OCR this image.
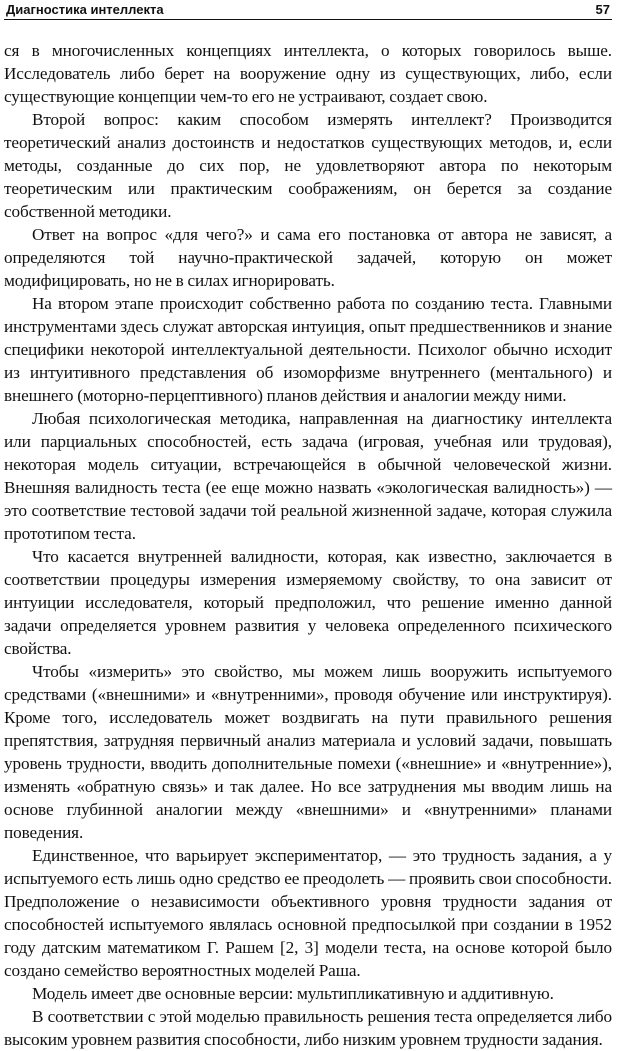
Диагностика интеллекта	57

ся в многочисленных концепциях интеллекта, о которых говорилось выше. Исследователь либо берет на вооружение одну из существующих, либо, если существующие концепции чем-то его не устраивают, создает свою.

Второй вопрос: каким способом измерять интеллект? Производится теоретический анализ достоинств и недостатков существующих методов, и, если методы, созданные до сих пор, не удовлетворяют автора по некоторым теоретическим или практическим соображениям, он берется за создание собственной методики.

Ответ на вопрос «для чего?» и сама его постановка от автора не зависят, а определяются той научно-практической задачей, которую он может модифицировать, но не в силах игнорировать.

На втором этапе происходит собственно работа по созданию теста. Главными инструментами здесь служат авторская интуиция, опыт предшественников и знание специфики некоторой интеллектуальной деятельности. Психолог обычно исходит из интуитивного представления об изоморфизме внутреннего (ментального) и внешнего (моторно-перцептивного) планов действия и аналогии между ними.

Любая психологическая методика, направленная на диагностику интеллекта или парциальных способностей, есть задача (игровая, учебная или трудовая), некоторая модель ситуации, встречающейся в обычной человеческой жизни. Внешняя валидность теста (ее еще можно назвать «экологическая валидность») — это соответствие тестовой задачи той реальной жизненной задаче, которая служила прототипом теста.

Что касается внутренней валидности, которая, как известно, заключается в соответствии процедуры измерения измеряемому свойству, то она зависит от интуиции исследователя, который предположил, что решение именно данной задачи определяется уровнем развития у человека определенного психического свойства.

Чтобы «измерить» это свойство, мы можем лишь вооружить испытуемого средствами («внешними» и «внутренними», проводя обучение или инструктируя). Кроме того, исследователь может воздвигать на пути правильного решения препятствия, затрудняя первичный анализ материала и условий задачи, повышать уровень трудности, вводить дополнительные помехи («внешние» и «внутренние»), изменять «обратную связь» и так далее. Но все затруднения мы вводим лишь на основе глубинной аналогии между «внешними» и «внутренними» планами поведения.

Единственное, что варьирует экспериментатор, — это трудность задания, а у испытуемого есть лишь одно средство ее преодолеть — проявить свои способности. Предположение о независимости объективного уровня трудности задания от способностей испытуемого являлась основной предпосылкой при создании в 1952 году датским математиком Г. Рашем [2, 3] модели теста, на основе которой было создано семейство вероятностных моделей Раша.

Модель имеет две основные версии: мультипликативную и аддитивную.

В соответствии с этой моделью правильность решения теста определяется либо высоким уровнем развития способности, либо низким уровнем трудности задания.
